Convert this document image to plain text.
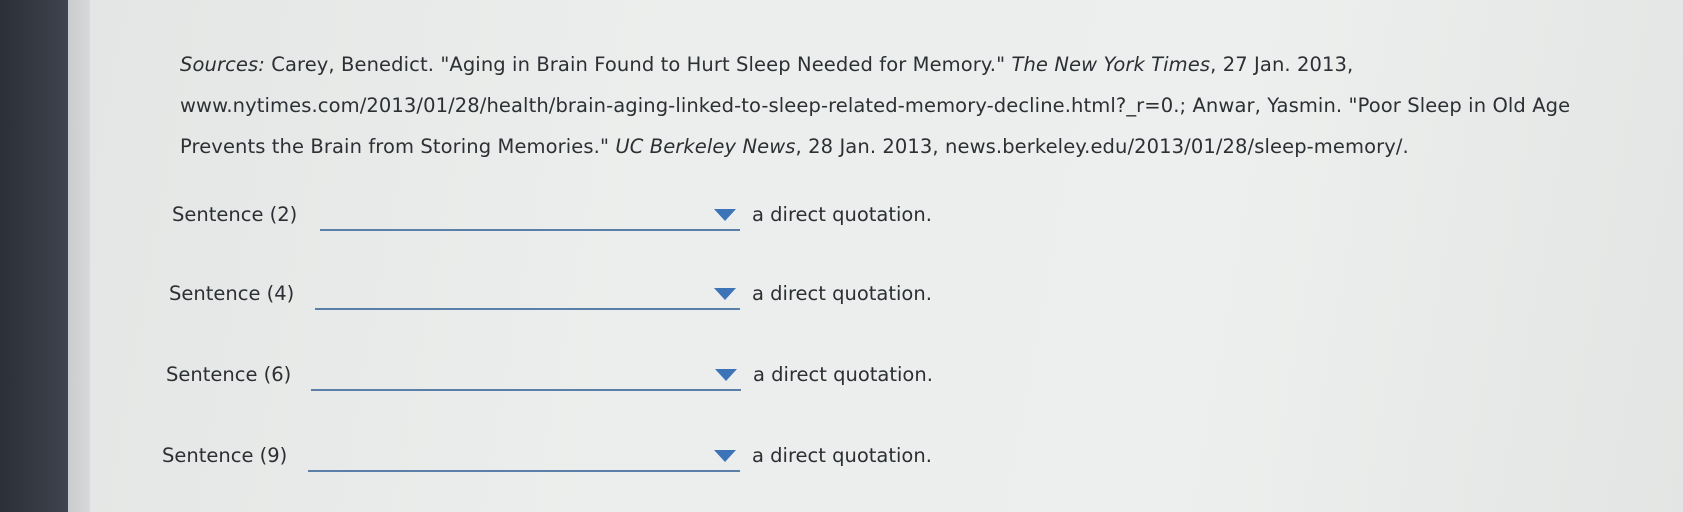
Sources: Carey, Benedict. "Aging in Brain Found to Hurt Sleep Needed for Memory." The New York Times, 27 Jan. 2013,
www.nytimes.com/2013/01/28/health/brain-aging-linked-to-sleep-related-memory-decline.html?_r=0.; Anwar, Yasmin. "Poor Sleep in Old Age
Prevents the Brain from Storing Memories." UC Berkeley News, 28 Jan. 2013, news.berkeley.edu/2013/01/28/sleep-memory/.
Sentence (2)	a direct quotation.
Sentence (4)	a direct quotation.
Sentence (6)	a direct quotation.
Sentence (9)	a direct quotation.
